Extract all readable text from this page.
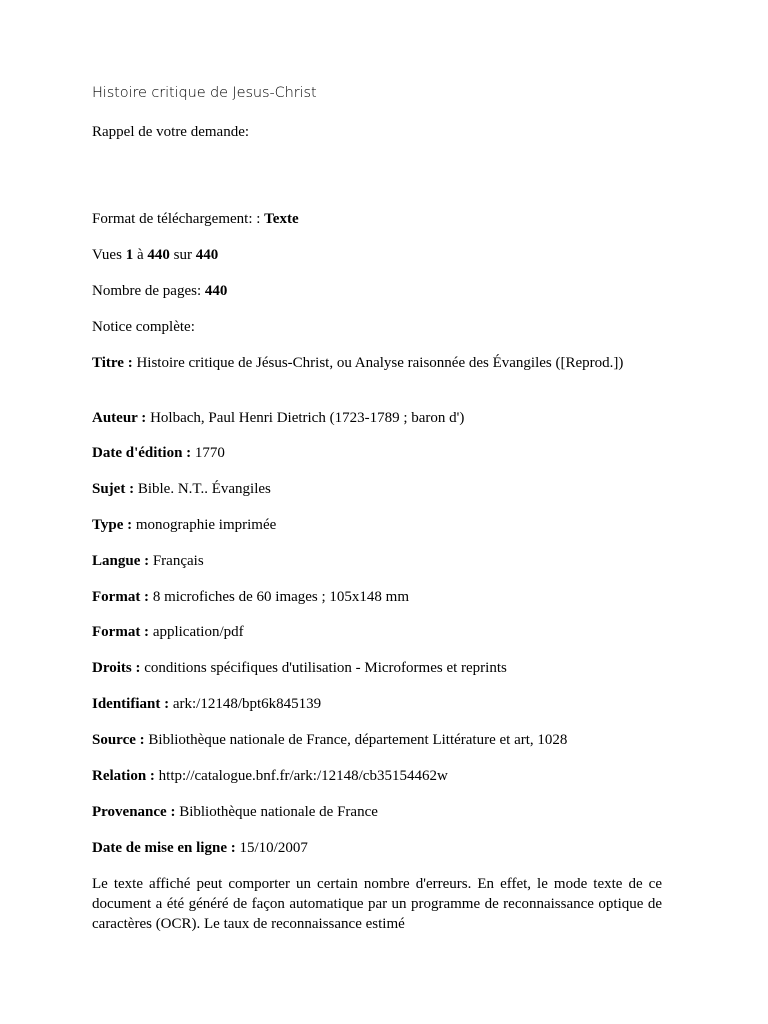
Histoire critique de Jesus-Christ
Rappel de votre demande:
Format de téléchargement: : Texte
Vues 1 à 440 sur 440
Nombre de pages: 440
Notice complète:
Titre : Histoire critique de Jésus-Christ, ou Analyse raisonnée des Évangiles ([Reprod.])
Auteur : Holbach, Paul Henri Dietrich (1723-1789 ; baron d')
Date d'édition : 1770
Sujet : Bible. N.T.. Évangiles
Type : monographie imprimée
Langue : Français
Format : 8 microfiches de 60 images ; 105x148 mm
Format : application/pdf
Droits : conditions spécifiques d'utilisation - Microformes et reprints
Identifiant : ark:/12148/bpt6k845139
Source : Bibliothèque nationale de France, département Littérature et art, 1028
Relation : http://catalogue.bnf.fr/ark:/12148/cb35154462w
Provenance : Bibliothèque nationale de France
Date de mise en ligne : 15/10/2007
Le texte affiché peut comporter un certain nombre d'erreurs. En effet, le mode texte de ce document a été généré de façon automatique par un programme de reconnaissance optique de caractères (OCR). Le taux de reconnaissance estimé
